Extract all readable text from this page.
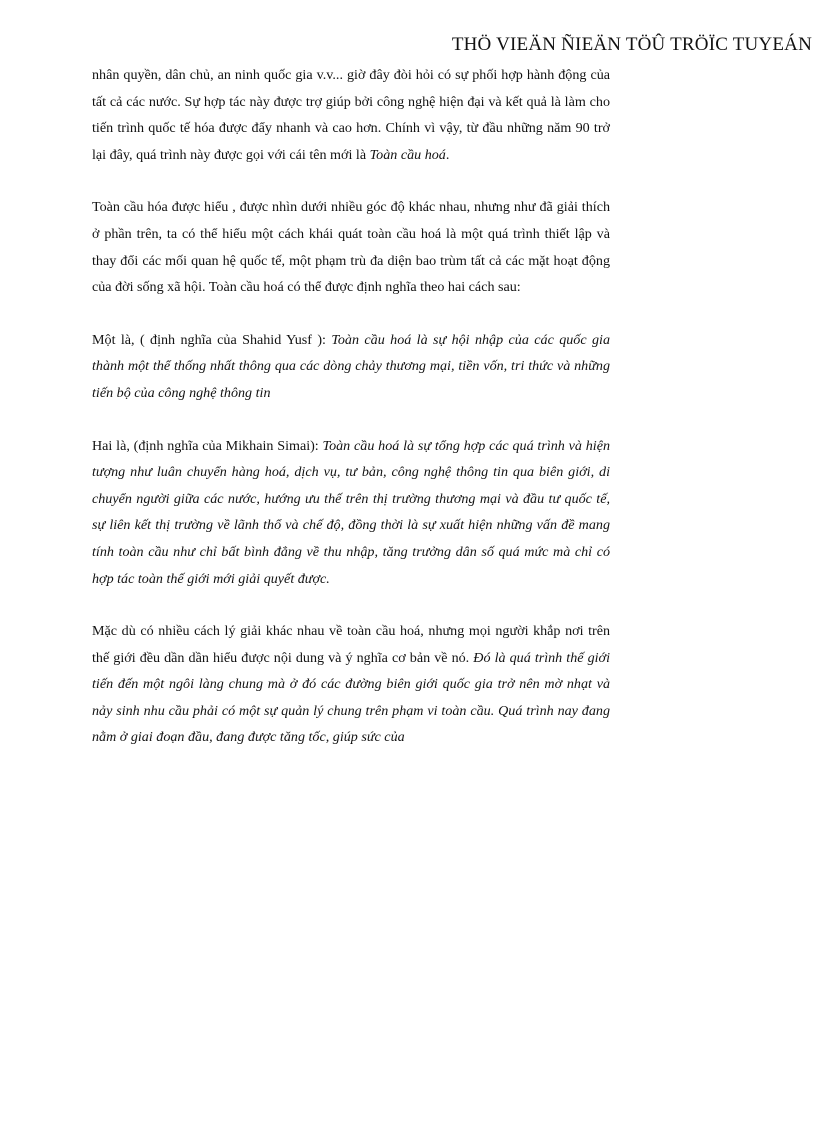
THÖ VIEÄN ÑIEÄN TÖÛ TRÖÏC TUYEÁN

nhân quyền, dân chủ, an ninh quốc gia v.v... giờ đây đòi hỏi có sự phối hợp hành động của tất cả các nước. Sự hợp tác này được trợ giúp bởi công nghệ hiện đại và kết quả là làm cho tiến trình quốc tế hóa được đẩy nhanh và cao hơn. Chính vì vậy, từ đầu những năm 90 trở lại đây, quá trình này được gọi với cái tên mới là Toàn cầu hoá.

Toàn cầu hóa được hiểu , được nhìn dưới nhiều góc độ khác nhau, nhưng như đã giải thích ở phần trên, ta có thể hiểu một cách khái quát toàn cầu hoá là một quá trình thiết lập và thay đổi các mối quan hệ quốc tế, một phạm trù đa diện bao trùm tất cả các mặt hoạt động của đời sống xã hội. Toàn cầu hoá có thể được định nghĩa theo hai cách sau:

Một là, ( định nghĩa của Shahid Yusf ): Toàn cầu hoá là sự hội nhập của các quốc gia thành một thể thống nhất thông qua các dòng chảy thương mại, tiền vốn, tri thức và những tiến bộ của công nghệ thông tin

Hai là, (định nghĩa của Mikhain Simai): Toàn cầu hoá là sự tổng hợp các quá trình và hiện tượng như luân chuyển hàng hoá, dịch vụ, tư bản, công nghệ thông tin qua biên giới, di chuyển người giữa các nước, hướng ưu thế trên thị trường thương mại và đầu tư quốc tế, sự liên kết thị trường về lãnh thổ và chế độ, đồng thời là sự xuất hiện những vấn đề mang tính toàn cầu như chỉ bất bình đẳng về thu nhập, tăng trưởng dân số quá mức mà chỉ có hợp tác toàn thế giới mới giải quyết được.

Mặc dù có nhiều cách lý giải khác nhau về toàn cầu hoá, nhưng mọi người khắp nơi trên thế giới đều dần dần hiểu được nội dung và ý nghĩa cơ bản về nó. Đó là quá trình thế giới tiến đến một ngôi làng chung mà ở đó các đường biên giới quốc gia trở nên mờ nhạt và nảy sinh nhu cầu phải có một sự quản lý chung trên phạm vi toàn cầu. Quá trình nay đang nằm ở giai đoạn đầu, đang được tăng tốc, giúp sức của
